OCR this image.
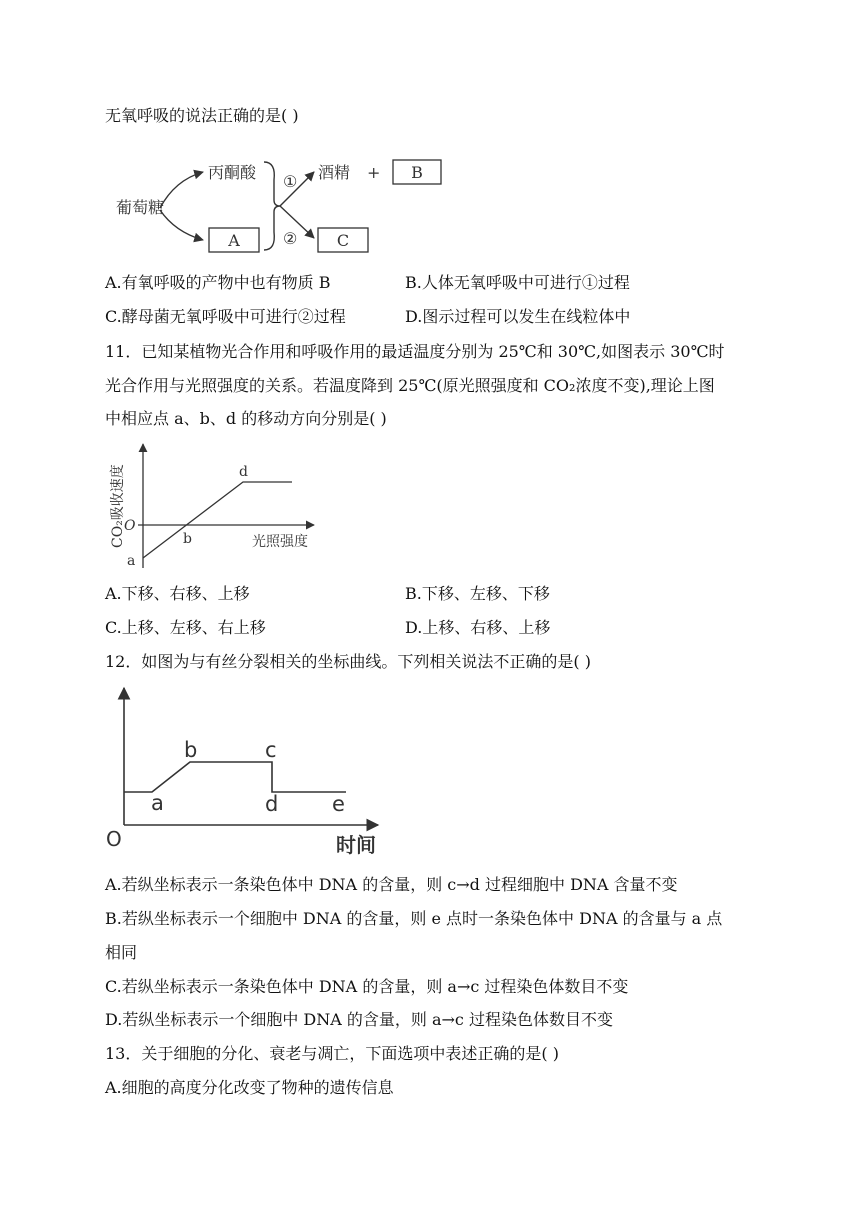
无氧呼吸的说法正确的是( )
葡萄糖
丙酮酸
A
①
②
酒精 + B
C
A.有氧呼吸的产物中也有物质 B	B.人体无氧呼吸中可进行①过程
C.酵母菌无氧呼吸中可进行②过程	D.图示过程可以发生在线粒体中
11．已知某植物光合作用和呼吸作用的最适温度分别为 25℃和 30℃,如图表示 30℃时
光合作用与光照强度的关系。若温度降到 25℃(原光照强度和 CO₂浓度不变),理论上图
中相应点 a、b、d 的移动方向分别是( )
CO₂吸收速度	光照强度
O
a
b
d
A.下移、右移、上移	B.下移、左移、下移
C.上移、左移、右上移	D.上移、右移、上移
12．如图为与有丝分裂相关的坐标曲线。下列相关说法不正确的是( )
O	时间
a
b	c
d	e
A.若纵坐标表示一条染色体中 DNA 的含量，则 c→d 过程细胞中 DNA 含量不变
B.若纵坐标表示一个细胞中 DNA 的含量，则 e 点时一条染色体中 DNA 的含量与 a 点
相同
C.若纵坐标表示一条染色体中 DNA 的含量，则 a→c 过程染色体数目不变
D.若纵坐标表示一个细胞中 DNA 的含量，则 a→c 过程染色体数目不变
13．关于细胞的分化、衰老与凋亡，下面选项中表述正确的是( )
A.细胞的高度分化改变了物种的遗传信息
